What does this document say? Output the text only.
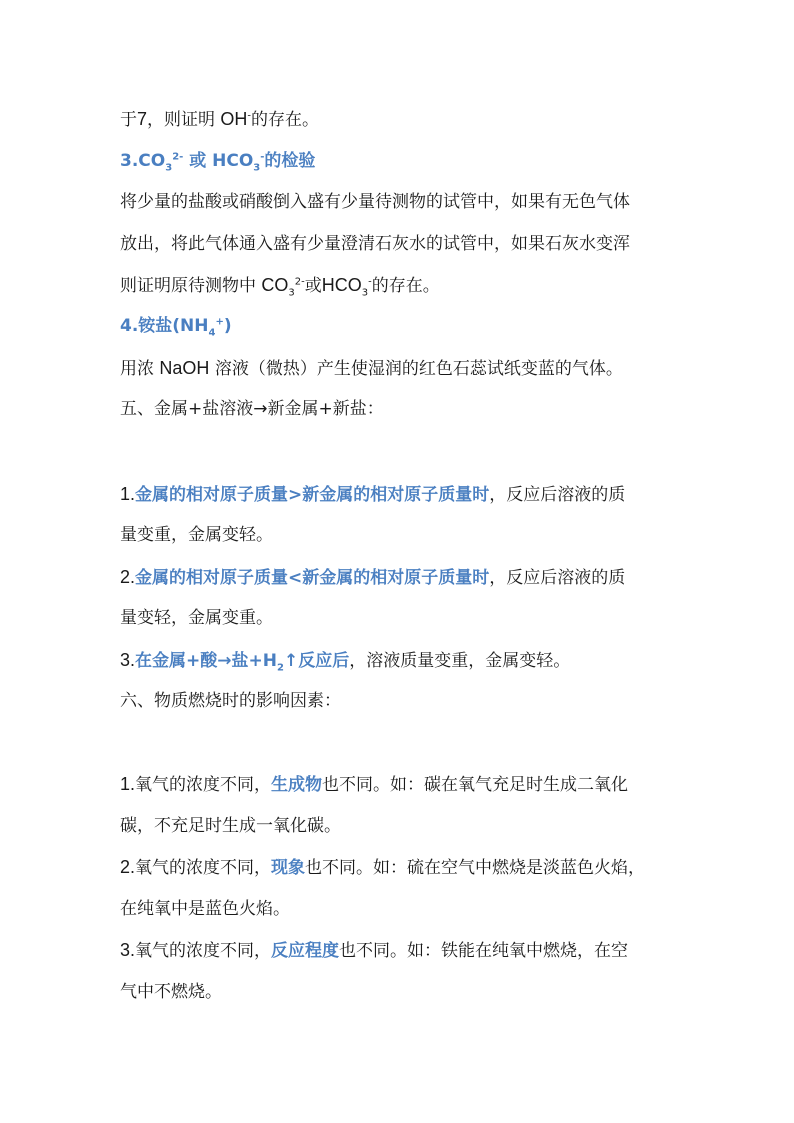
于7，则证明 OH-的存在。
$3.CO_3^{2-}$ 或 $HCO_3^-$的检验
将少量的盐酸或硝酸倒入盛有少量待测物的试管中，如果有无色气体
放出，将此气体通入盛有少量澄清石灰水的试管中，如果石灰水变浑
则证明原待测物中 $CO_3^{2-}$或$HCO_3^-$的存在。
4.铵盐$(NH_4^+)$
用浓 NaOH 溶液（微热）产生使湿润的红色石蕊试纸变蓝的气体。
五、金属+盐溶液→新金属+新盐：
1.金属的相对原子质量>新金属的相对原子质量时，反应后溶液的质
量变重，金属变轻。
2.金属的相对原子质量<新金属的相对原子质量时，反应后溶液的质
量变轻，金属变重。
3.在金属+酸→盐$+H_2↑$反应后，溶液质量变重，金属变轻。
六、物质燃烧时的影响因素：
1.氧气的浓度不同，生成物也不同。如：碳在氧气充足时生成二氧化
碳，不充足时生成一氧化碳。
2.氧气的浓度不同，现象也不同。如：硫在空气中燃烧是淡蓝色火焰，
在纯氧中是蓝色火焰。
3.氧气的浓度不同，反应程度也不同。如：铁能在纯氧中燃烧，在空
气中不燃烧。
